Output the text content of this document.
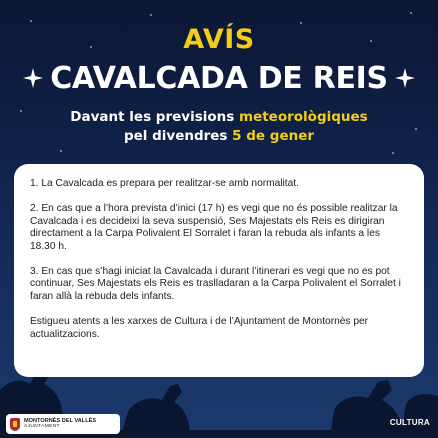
AVÍS
CAVALCADA DE REIS
Davant les previsions meteorològiques
pel divendres 5 de gener

1. La Cavalcada es prepara per realitzar-se amb normalitat.

2. En cas que a l’hora prevista d’inici (17 h) es vegi que no és possible realitzar la Cavalcada i es decideixi la seva suspensió, Ses Majestats els Reis es dirigiran directament a la Carpa Polivalent El Sorralet i faran la rebuda als infants a les 18.30 h.

3. En cas que s’hagi iniciat la Cavalcada i durant l’itinerari es vegi que no es pot continuar, Ses Majestats els Reis es traslladaran a la Carpa Polivalent el Sorralet i faran allà la rebuda dels infants.

Estigueu atents a les xarxes de Cultura i de l’Ajuntament de Montornès per actualitzacions.

MONTORNÈS DEL VALLÈS
AJUNTAMENT	CULTURA
